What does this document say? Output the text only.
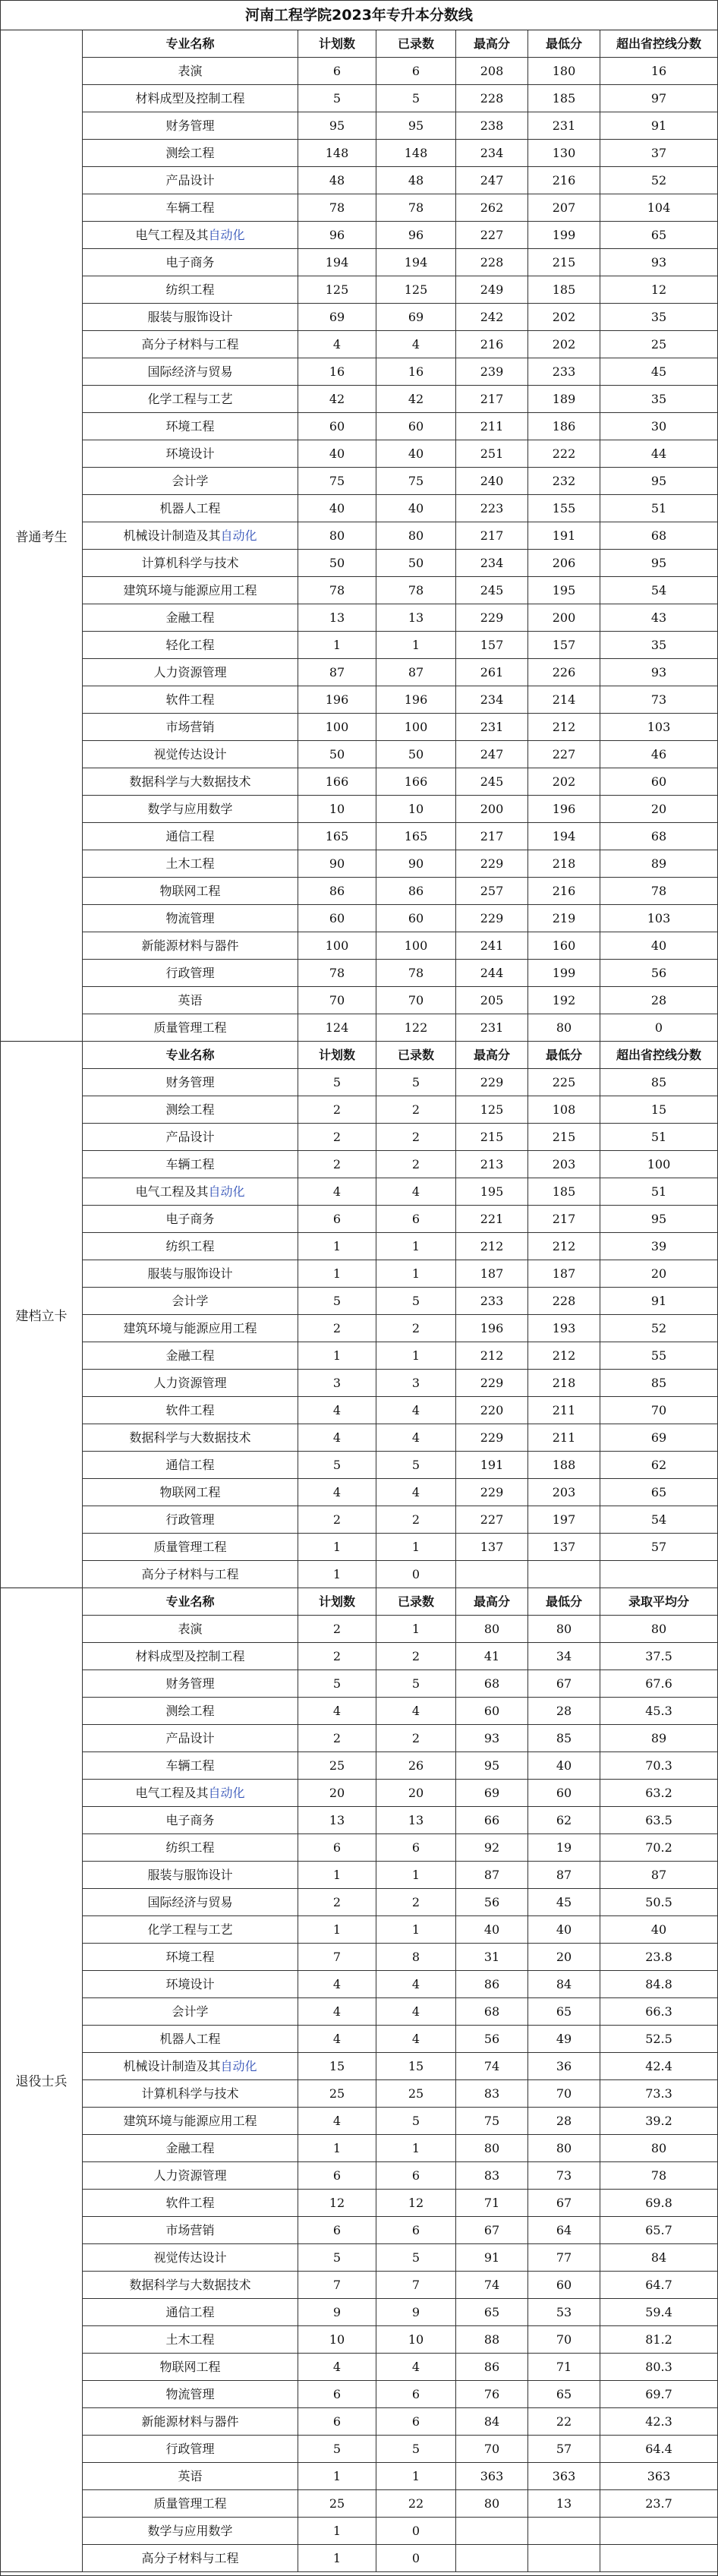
河南工程学院2023年专升本分数线
专业名称	计划数	已录数	最高分	最低分	超出省控线分数
表演	6	6	208	180	16
材料成型及控制工程	5	5	228	185	97
财务管理	95	95	238	231	91
测绘工程	148	148	234	130	37
产品设计	48	48	247	216	52
车辆工程	78	78	262	207	104
电气工程及其自动化	96	96	227	199	65
电子商务	194	194	228	215	93
纺织工程	125	125	249	185	12
服装与服饰设计	69	69	242	202	35
高分子材料与工程	4	4	216	202	25
国际经济与贸易	16	16	239	233	45
化学工程与工艺	42	42	217	189	35
环境工程	60	60	211	186	30
环境设计	40	40	251	222	44
会计学	75	75	240	232	95
机器人工程	40	40	223	155	51
机械设计制造及其自动化	80	80	217	191	68
计算机科学与技术	50	50	234	206	95
建筑环境与能源应用工程	78	78	245	195	54
金融工程	13	13	229	200	43
轻化工程	1	1	157	157	35
人力资源管理	87	87	261	226	93
软件工程	196	196	234	214	73
市场营销	100	100	231	212	103
视觉传达设计	50	50	247	227	46
数据科学与大数据技术	166	166	245	202	60
数学与应用数学	10	10	200	196	20
通信工程	165	165	217	194	68
土木工程	90	90	229	218	89
物联网工程	86	86	257	216	78
物流管理	60	60	229	219	103
新能源材料与器件	100	100	241	160	40
行政管理	78	78	244	199	56
英语	70	70	205	192	28
质量管理工程	124	122	231	80	0
普通考生
专业名称	计划数	已录数	最高分	最低分	超出省控线分数
财务管理	5	5	229	225	85
测绘工程	2	2	125	108	15
产品设计	2	2	215	215	51
车辆工程	2	2	213	203	100
电气工程及其自动化	4	4	195	185	51
电子商务	6	6	221	217	95
纺织工程	1	1	212	212	39
服装与服饰设计	1	1	187	187	20
会计学	5	5	233	228	91
建筑环境与能源应用工程	2	2	196	193	52
金融工程	1	1	212	212	55
人力资源管理	3	3	229	218	85
软件工程	4	4	220	211	70
数据科学与大数据技术	4	4	229	211	69
通信工程	5	5	191	188	62
物联网工程	4	4	229	203	65
行政管理	2	2	227	197	54
质量管理工程	1	1	137	137	57
高分子材料与工程	1	0
建档立卡
专业名称	计划数	已录数	最高分	最低分	录取平均分
表演	2	1	80	80	80
材料成型及控制工程	2	2	41	34	37.5
财务管理	5	5	68	67	67.6
测绘工程	4	4	60	28	45.3
产品设计	2	2	93	85	89
车辆工程	25	26	95	40	70.3
电气工程及其自动化	20	20	69	60	63.2
电子商务	13	13	66	62	63.5
纺织工程	6	6	92	19	70.2
服装与服饰设计	1	1	87	87	87
国际经济与贸易	2	2	56	45	50.5
化学工程与工艺	1	1	40	40	40
环境工程	7	8	31	20	23.8
环境设计	4	4	86	84	84.8
会计学	4	4	68	65	66.3
机器人工程	4	4	56	49	52.5
机械设计制造及其自动化	15	15	74	36	42.4
计算机科学与技术	25	25	83	70	73.3
建筑环境与能源应用工程	4	5	75	28	39.2
金融工程	1	1	80	80	80
人力资源管理	6	6	83	73	78
软件工程	12	12	71	67	69.8
市场营销	6	6	67	64	65.7
视觉传达设计	5	5	91	77	84
数据科学与大数据技术	7	7	74	60	64.7
通信工程	9	9	65	53	59.4
土木工程	10	10	88	70	81.2
物联网工程	4	4	86	71	80.3
物流管理	6	6	76	65	69.7
新能源材料与器件	6	6	84	22	42.3
行政管理	5	5	70	57	64.4
英语	1	1	363	363	363
质量管理工程	25	22	80	13	23.7
数学与应用数学	1	0
高分子材料与工程	1	0
退役士兵
